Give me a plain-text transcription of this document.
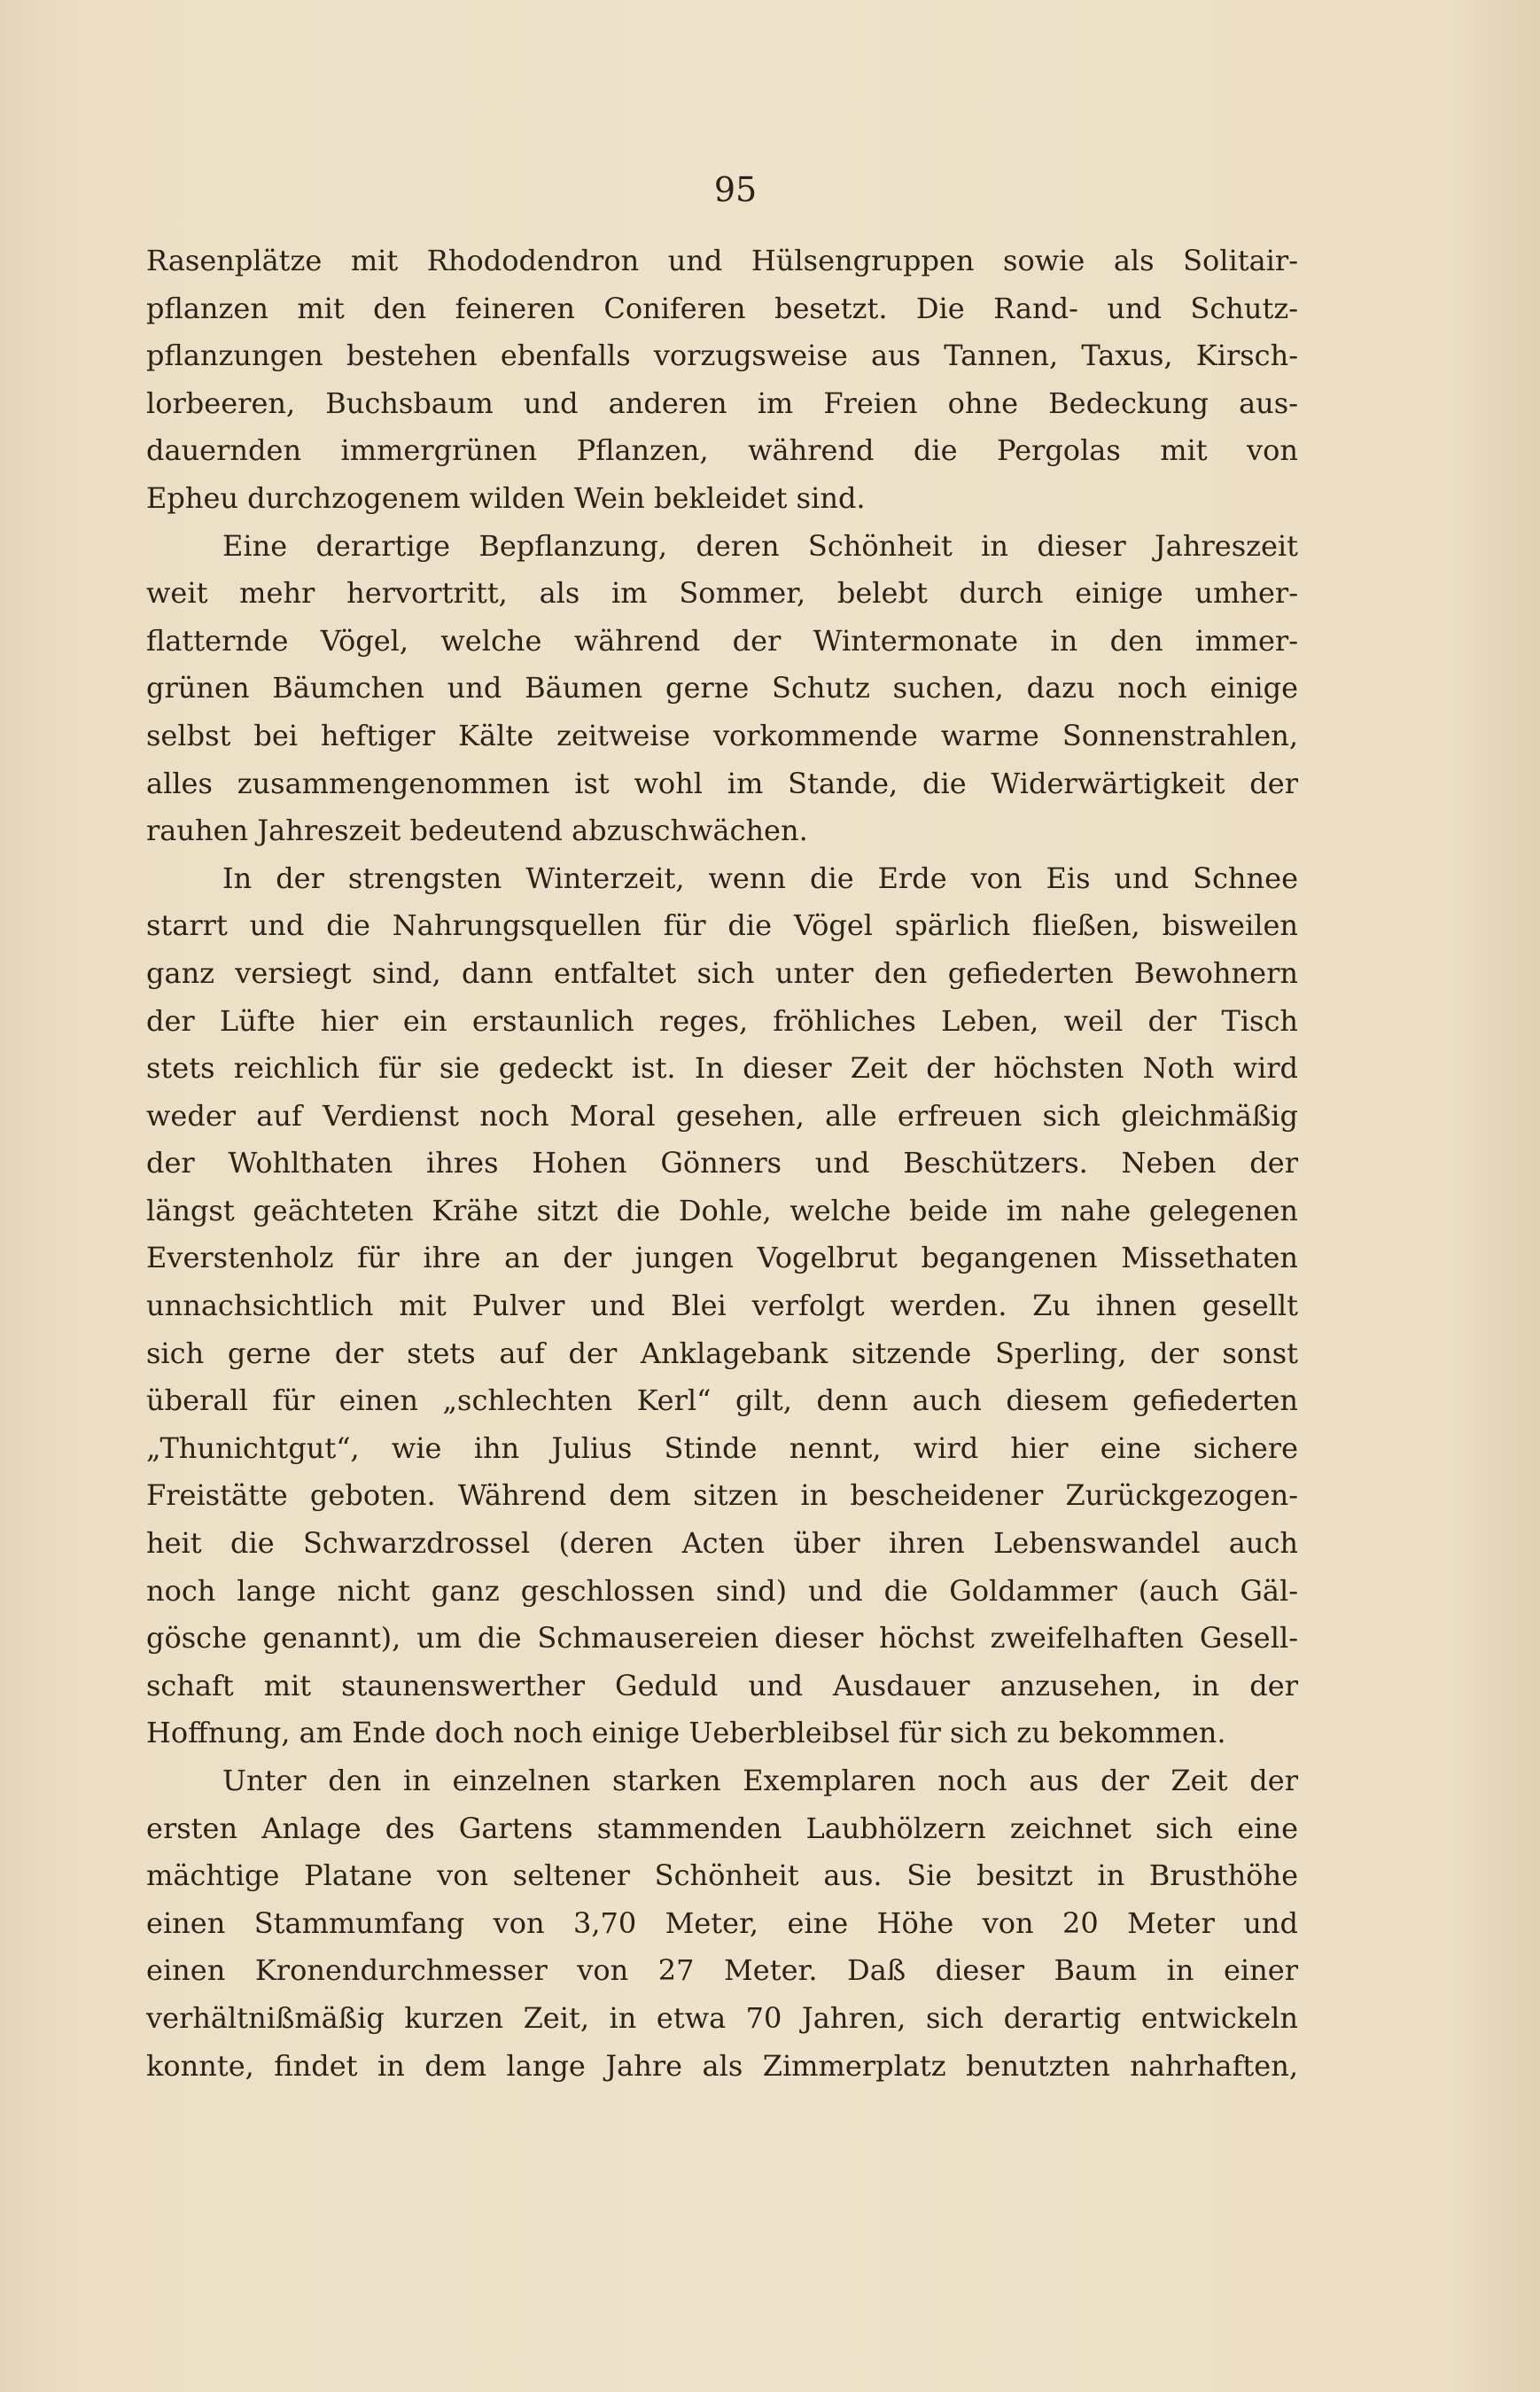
95
Rasenplätze mit Rhododendron und Hülsengruppen sowie als Solitair-
pflanzen mit den feineren Coniferen besetzt. Die Rand- und Schutz-
pflanzungen bestehen ebenfalls vorzugsweise aus Tannen, Taxus, Kirsch-
lorbeeren, Buchsbaum und anderen im Freien ohne Bedeckung aus-
dauernden immergrünen Pflanzen, während die Pergolas mit von
Epheu durchzogenem wilden Wein bekleidet sind.
Eine derartige Bepflanzung, deren Schönheit in dieser Jahreszeit
weit mehr hervortritt, als im Sommer, belebt durch einige umher-
flatternde Vögel, welche während der Wintermonate in den immer-
grünen Bäumchen und Bäumen gerne Schutz suchen, dazu noch einige
selbst bei heftiger Kälte zeitweise vorkommende warme Sonnenstrahlen,
alles zusammengenommen ist wohl im Stande, die Widerwärtigkeit der
rauhen Jahreszeit bedeutend abzuschwächen.
In der strengsten Winterzeit, wenn die Erde von Eis und Schnee
starrt und die Nahrungsquellen für die Vögel spärlich fließen, bisweilen
ganz versiegt sind, dann entfaltet sich unter den gefiederten Bewohnern
der Lüfte hier ein erstaunlich reges, fröhliches Leben, weil der Tisch
stets reichlich für sie gedeckt ist. In dieser Zeit der höchsten Noth wird
weder auf Verdienst noch Moral gesehen, alle erfreuen sich gleichmäßig
der Wohlthaten ihres Hohen Gönners und Beschützers. Neben der
längst geächteten Krähe sitzt die Dohle, welche beide im nahe gelegenen
Everstenholz für ihre an der jungen Vogelbrut begangenen Missethaten
unnachsichtlich mit Pulver und Blei verfolgt werden. Zu ihnen gesellt
sich gerne der stets auf der Anklagebank sitzende Sperling, der sonst
überall für einen „schlechten Kerl“ gilt, denn auch diesem gefiederten
„Thunichtgut“, wie ihn Julius Stinde nennt, wird hier eine sichere
Freistätte geboten. Während dem sitzen in bescheidener Zurückgezogen-
heit die Schwarzdrossel (deren Acten über ihren Lebenswandel auch
noch lange nicht ganz geschlossen sind) und die Goldammer (auch Gäl-
göschе genannt), um die Schmausereien dieser höchst zweifelhaften Gesell-
schaft mit staunenswerther Geduld und Ausdauer anzusehen, in der
Hoffnung, am Ende doch noch einige Ueberbleibsel für sich zu bekommen.
Unter den in einzelnen starken Exemplaren noch aus der Zeit der
ersten Anlage des Gartens stammenden Laubhölzern zeichnet sich eine
mächtige Platane von seltener Schönheit aus. Sie besitzt in Brusthöhe
einen Stammumfang von 3,70 Meter, eine Höhe von 20 Meter und
einen Kronendurchmesser von 27 Meter. Daß dieser Baum in einer
verhältnißmäßig kurzen Zeit, in etwa 70 Jahren, sich derartig entwickeln
konnte, findet in dem lange Jahre als Zimmerplatz benutzten nahrhaften,
